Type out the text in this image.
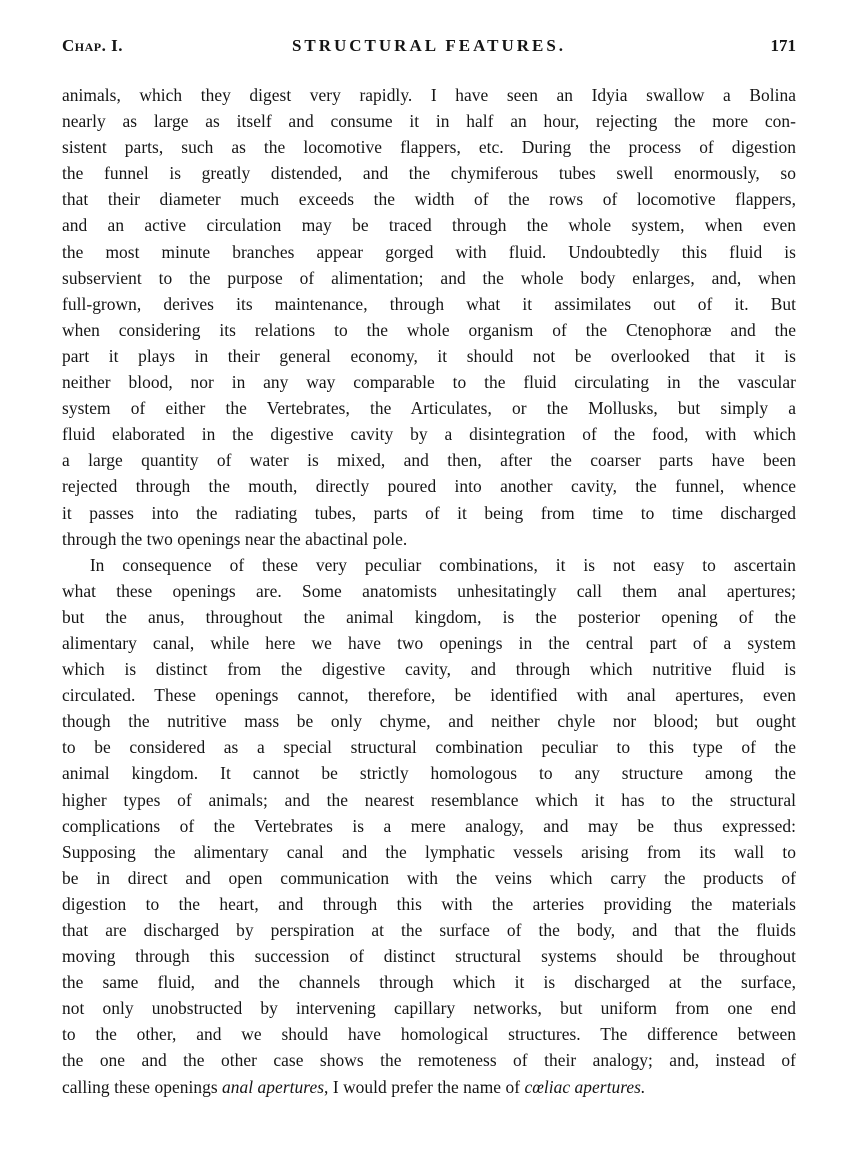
Chap. I.	STRUCTURAL FEATURES.	171

animals, which they digest very rapidly. I have seen an Idyia swallow a Bolina
nearly as large as itself and consume it in half an hour, rejecting the more con-
sistent parts, such as the locomotive flappers, etc. During the process of digestion
the funnel is greatly distended, and the chymiferous tubes swell enormously, so
that their diameter much exceeds the width of the rows of locomotive flappers,
and an active circulation may be traced through the whole system, when even
the most minute branches appear gorged with fluid. Undoubtedly this fluid is
subservient to the purpose of alimentation; and the whole body enlarges, and, when
full-grown, derives its maintenance, through what it assimilates out of it. But
when considering its relations to the whole organism of the Ctenophoræ and the
part it plays in their general economy, it should not be overlooked that it is
neither blood, nor in any way comparable to the fluid circulating in the vascular
system of either the Vertebrates, the Articulates, or the Mollusks, but simply a
fluid elaborated in the digestive cavity by a disintegration of the food, with which
a large quantity of water is mixed, and then, after the coarser parts have been
rejected through the mouth, directly poured into another cavity, the funnel, whence
it passes into the radiating tubes, parts of it being from time to time discharged
through the two openings near the abactinal pole.

In consequence of these very peculiar combinations, it is not easy to ascertain
what these openings are. Some anatomists unhesitatingly call them anal apertures;
but the anus, throughout the animal kingdom, is the posterior opening of the
alimentary canal, while here we have two openings in the central part of a system
which is distinct from the digestive cavity, and through which nutritive fluid is
circulated. These openings cannot, therefore, be identified with anal apertures, even
though the nutritive mass be only chyme, and neither chyle nor blood; but ought
to be considered as a special structural combination peculiar to this type of the
animal kingdom. It cannot be strictly homologous to any structure among the
higher types of animals; and the nearest resemblance which it has to the structural
complications of the Vertebrates is a mere analogy, and may be thus expressed:
Supposing the alimentary canal and the lymphatic vessels arising from its wall to
be in direct and open communication with the veins which carry the products of
digestion to the heart, and through this with the arteries providing the materials
that are discharged by perspiration at the surface of the body, and that the fluids
moving through this succession of distinct structural systems should be throughout
the same fluid, and the channels through which it is discharged at the surface,
not only unobstructed by intervening capillary networks, but uniform from one end
to the other, and we should have homological structures. The difference between
the one and the other case shows the remoteness of their analogy; and, instead of

calling these openings anal apertures, I would prefer the name of cœliac apertures.
